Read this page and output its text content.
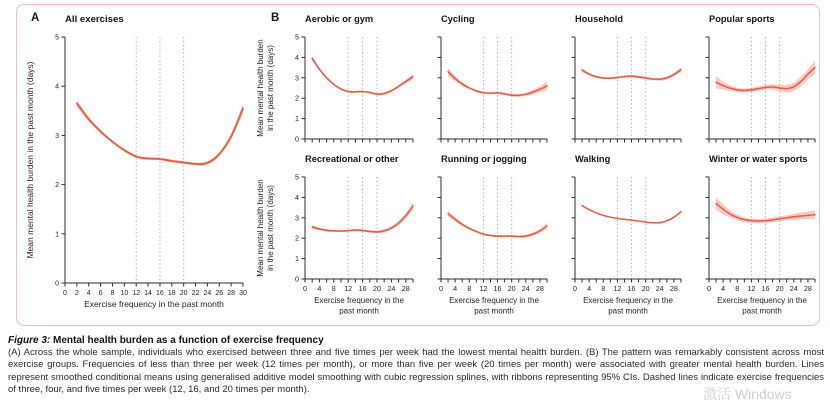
A	All exercises
0
1
2
3
4
5
0 2 4 6 8 10 12 14 16 18 20 22 24 26 28 30
Exercise frequency in the past month
Mean mental health burden in the past month (days)
B	Aerobic or gym
0
1
2
3
4
5
Mean mental health burden in the past month (days)
Cycling	Household	Popular sports
Recreational or other
0
1
2
3
4
5
0 4 8 12 16 20 24 28
Exercise frequency in the
past month
Mean mental health burden in the past month (days)
Running or jogging
0 4 8 12 16 20 24 28
Exercise frequency in the
past month
Walking
0 4 8 12 16 20 24 28
Exercise frequency in the
past month
Winter or water sports
0 4 8 12 16 20 24 28
Exercise frequency in the
past month
Figure 3: Mental health burden as a function of exercise frequency
(A) Across the whole sample, individuals who exercised between three and five times per week had the lowest mental health burden. (B) The pattern was remarkably consistent across most exercise groups. Frequencies of less than three per week (12 times per month), or more than five per week (20 times per month) were associated with greater mental health burden. Lines represent smoothed conditional means using generalised additive model smoothing with cubic regression splines, with ribbons representing 95% CIs. Dashed lines indicate exercise frequencies of three, four, and five times per week (12, 16, and 20 times per month).	激活 Windows
